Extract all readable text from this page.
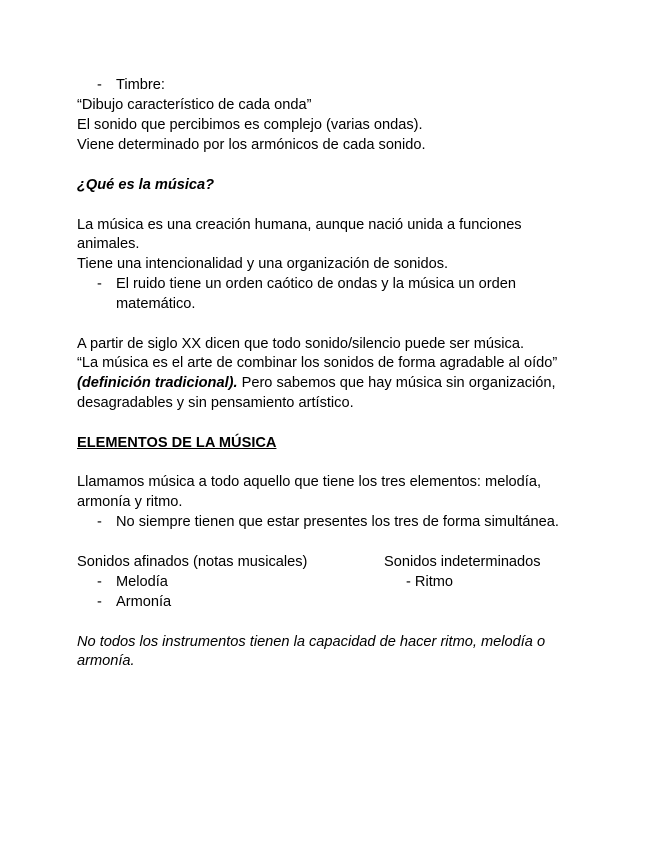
- Timbre:
“Dibujo característico de cada onda”
El sonido que percibimos es complejo (varias ondas).
Viene determinado por los armónicos de cada sonido.
¿Qué es la música?
La música es una creación humana, aunque nació unida a funciones
animales.
Tiene una intencionalidad y una organización de sonidos.
- El ruido tiene un orden caótico de ondas y la música un orden
matemático.
A partir de siglo XX dicen que todo sonido/silencio puede ser música.
“La música es el arte de combinar los sonidos de forma agradable al oído”
(definición tradicional). Pero sabemos que hay música sin organización,
desagradables y sin pensamiento artístico.
ELEMENTOS DE LA MÚSICA
Llamamos música a todo aquello que tiene los tres elementos: melodía,
armonía y ritmo.
- No siempre tienen que estar presentes los tres de forma simultánea.
Sonidos afinados (notas musicales)
- Melodía
- Armonía
Sonidos indeterminados
- Ritmo
No todos los instrumentos tienen la capacidad de hacer ritmo, melodía o
armonía.
